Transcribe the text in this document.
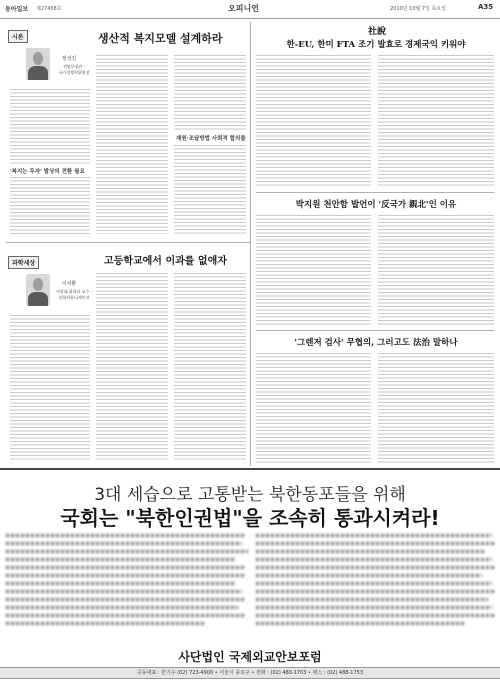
동아일보 제27458호	오피니언	2010년 10월 7일 목요일	A35
시론
정성진
전법무장관 ·
국가경쟁력위원장
생산적 복지모델 설계하라
'복지는 투자' 발상의 전환 필요
재원·조달방법 사회적 합의를
과학세상
이덕환
서강대 화학과 교수 ·
과학커뮤니케이션
고등학교에서 이과를 없애자
社說
한-EU, 한미 FTA 조기 발효로 경제국익 키워야
박지원 천안함 발언이 '反국가 親北'인 이유
'그렌저 검사' 무협의, 그러고도 法治 말하나
3대 세습으로 고통받는 북한동포들을 위해
국회는 "북한인권법"을 조속히 통과시켜라!
사단법인 국제외교안보포럼
공동대표 : 한기우 (02) 723-4900 • 서울시 종로구 • 전화 : (02) 480-1703 • 팩스 : (02) 488-1753
